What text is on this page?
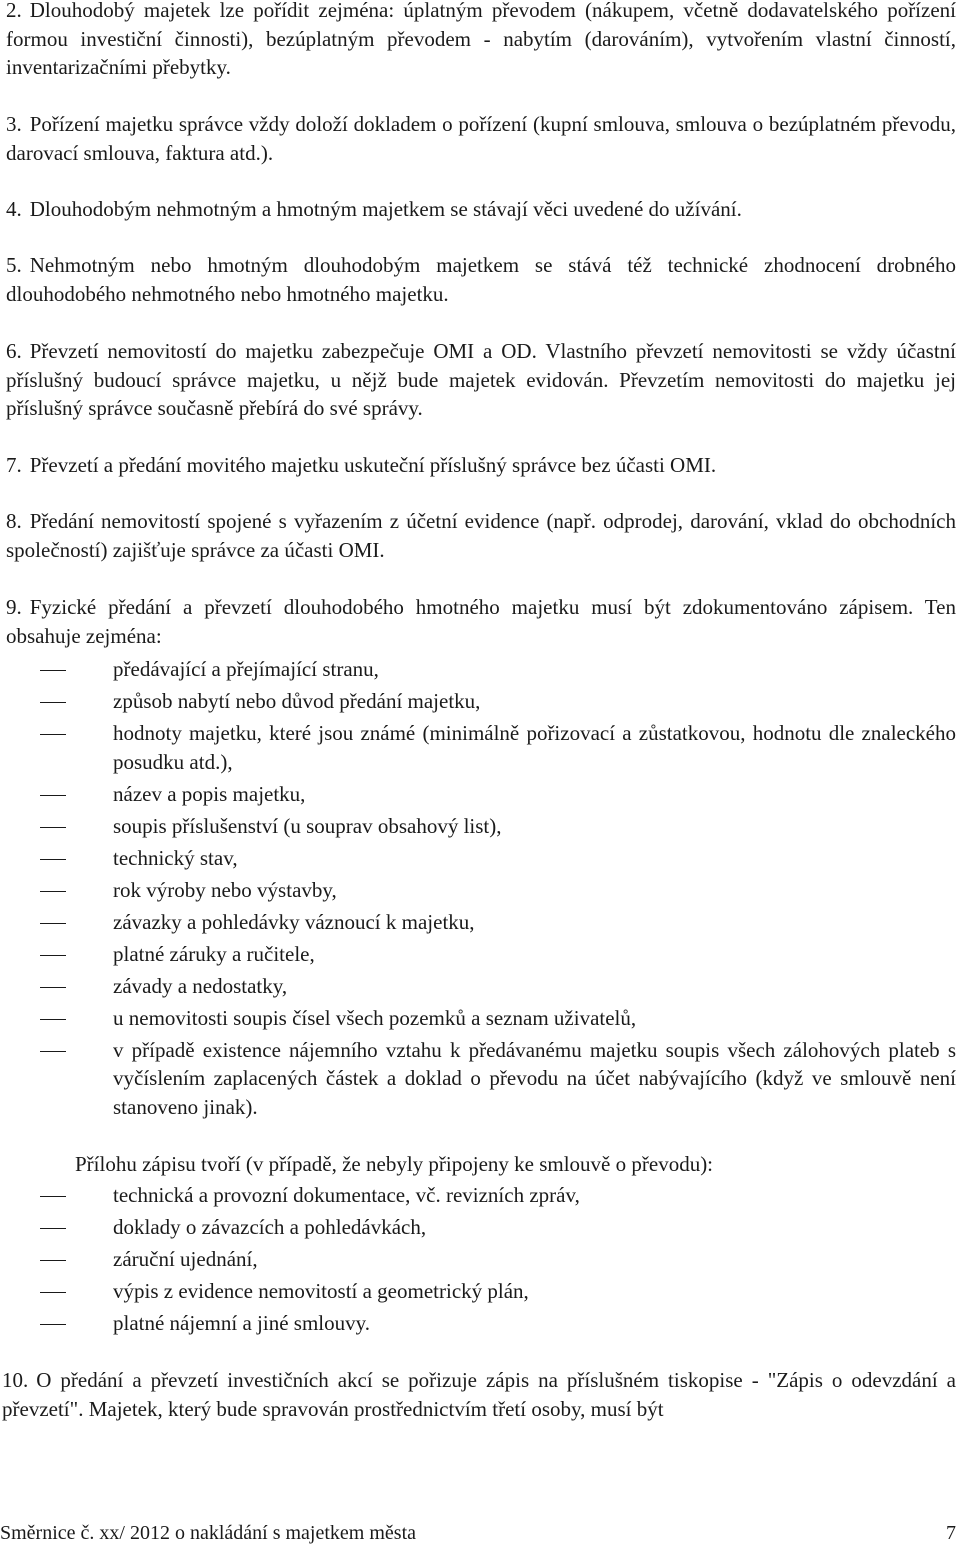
2. Dlouhodobý majetek lze pořídit zejména: úplatným převodem (nákupem, včetně dodavatelského pořízení formou investiční činnosti), bezúplatným převodem - nabytím (darováním), vytvořením vlastní činností, inventarizačními přebytky.
3. Pořízení majetku správce vždy doloží dokladem o pořízení (kupní smlouva, smlouva o bezúplatném převodu, darovací smlouva, faktura atd.).
4. Dlouhodobým nehmotným a hmotným majetkem se stávají věci uvedené do užívání.
5. Nehmotným nebo hmotným dlouhodobým majetkem se stává též technické zhodnocení drobného dlouhodobého nehmotného nebo hmotného majetku.
6. Převzetí nemovitostí do majetku zabezpečuje OMI a OD. Vlastního převzetí nemovitosti se vždy účastní příslušný budoucí správce majetku, u nějž bude majetek evidován. Převzetím nemovitosti do majetku jej příslušný správce současně přebírá do své správy.
7. Převzetí a předání movitého majetku uskuteční příslušný správce bez účasti OMI.
8. Předání nemovitostí spojené s vyřazením z účetní evidence (např. odprodej, darování, vklad do obchodních společností) zajišťuje správce za účasti OMI.
9. Fyzické předání a převzetí dlouhodobého hmotného majetku musí být zdokumentováno zápisem. Ten obsahuje zejména:
předávající a přejímající stranu,
způsob nabytí nebo důvod předání majetku,
hodnoty majetku, které jsou známé (minimálně pořizovací a zůstatkovou, hodnotu dle znaleckého posudku atd.),
název a popis majetku,
soupis příslušenství (u souprav obsahový list),
technický stav,
rok výroby nebo výstavby,
závazky a pohledávky váznoucí k majetku,
platné záruky a ručitele,
závady a nedostatky,
u nemovitosti soupis čísel všech pozemků a seznam uživatelů,
v případě existence nájemního vztahu k předávanému majetku soupis všech zálohových plateb s vyčíslením zaplacených částek a doklad o převodu na účet nabývajícího (když ve smlouvě není stanoveno jinak).
Přílohu zápisu tvoří (v případě, že nebyly připojeny ke smlouvě o převodu):
technická a provozní dokumentace, vč. revizních zpráv,
doklady o závazcích a pohledávkách,
záruční ujednání,
výpis z evidence nemovitostí a geometrický plán,
platné nájemní a jiné smlouvy.
10. O předání a převzetí investičních akcí se pořizuje zápis na příslušném tiskopise - "Zápis o odevzdání a převzetí". Majetek, který bude spravován prostřednictvím třetí osoby, musí být
Směrnice č. xx/ 2012 o nakládání s majetkem města	7
